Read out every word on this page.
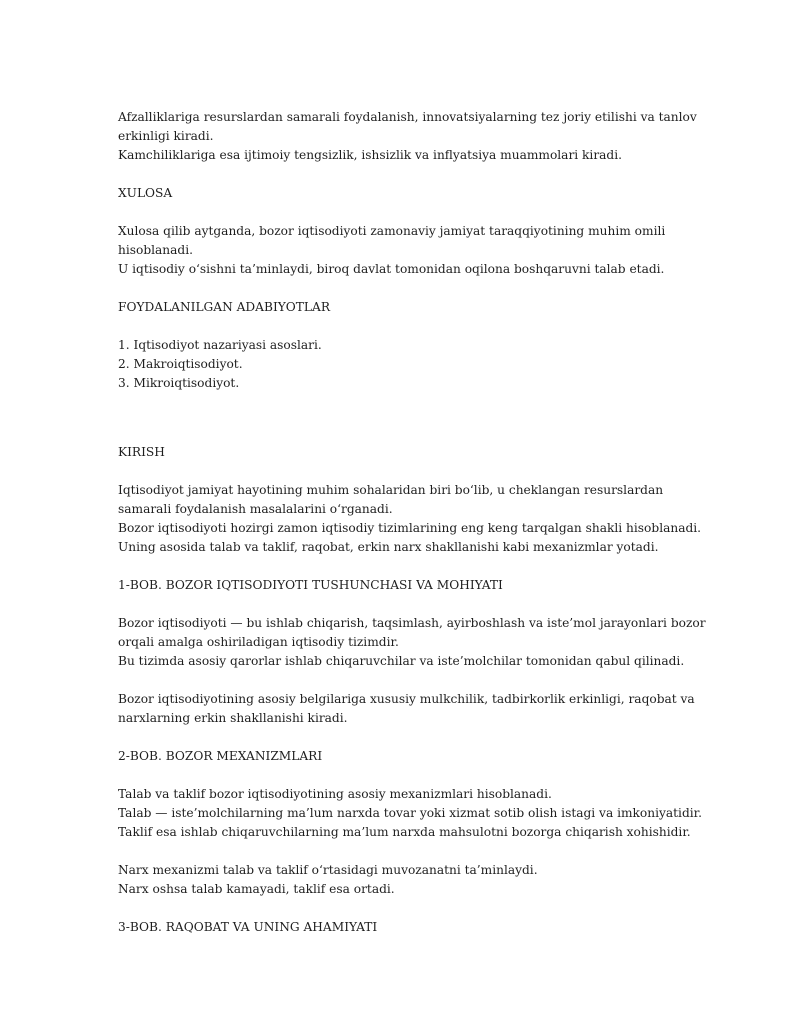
Afzalliklariga resurslardan samarali foydalanish, innovatsiyalarning tez joriy etilishi va tanlov
erkinligi kiradi.
Kamchiliklariga esa ijtimoiy tengsizlik, ishsizlik va inflyatsiya muammolari kiradi.
XULOSA
Xulosa qilib aytganda, bozor iqtisodiyoti zamonaviy jamiyat taraqqiyotining muhim omili
hisoblanadi.
U iqtisodiy o‘sishni ta’minlaydi, biroq davlat tomonidan oqilona boshqaruvni talab etadi.
FOYDALANILGAN ADABIYOTLAR
1. Iqtisodiyot nazariyasi asoslari.
2. Makroiqtisodiyot.
3. Mikroiqtisodiyot.
KIRISH
Iqtisodiyot jamiyat hayotining muhim sohalaridan biri bo‘lib, u cheklangan resurslardan
samarali foydalanish masalalarini o‘rganadi.
Bozor iqtisodiyoti hozirgi zamon iqtisodiy tizimlarining eng keng tarqalgan shakli hisoblanadi.
Uning asosida talab va taklif, raqobat, erkin narx shakllanishi kabi mexanizmlar yotadi.
1-BOB. BOZOR IQTISODIYOTI TUSHUNCHASI VA MOHIYATI
Bozor iqtisodiyoti — bu ishlab chiqarish, taqsimlash, ayirboshlash va iste’mol jarayonlari bozor
orqali amalga oshiriladigan iqtisodiy tizimdir.
Bu tizimda asosiy qarorlar ishlab chiqaruvchilar va iste’molchilar tomonidan qabul qilinadi.
Bozor iqtisodiyotining asosiy belgilariga xususiy mulkchilik, tadbirkorlik erkinligi, raqobat va
narxlarning erkin shakllanishi kiradi.
2-BOB. BOZOR MEXANIZMLARI
Talab va taklif bozor iqtisodiyotining asosiy mexanizmlari hisoblanadi.
Talab — iste’molchilarning ma’lum narxda tovar yoki xizmat sotib olish istagi va imkoniyatidir.
Taklif esa ishlab chiqaruvchilarning ma’lum narxda mahsulotni bozorga chiqarish xohishidir.
Narx mexanizmi talab va taklif o‘rtasidagi muvozanatni ta’minlaydi.
Narx oshsa talab kamayadi, taklif esa ortadi.
3-BOB. RAQOBAT VA UNING AHAMIYATI
